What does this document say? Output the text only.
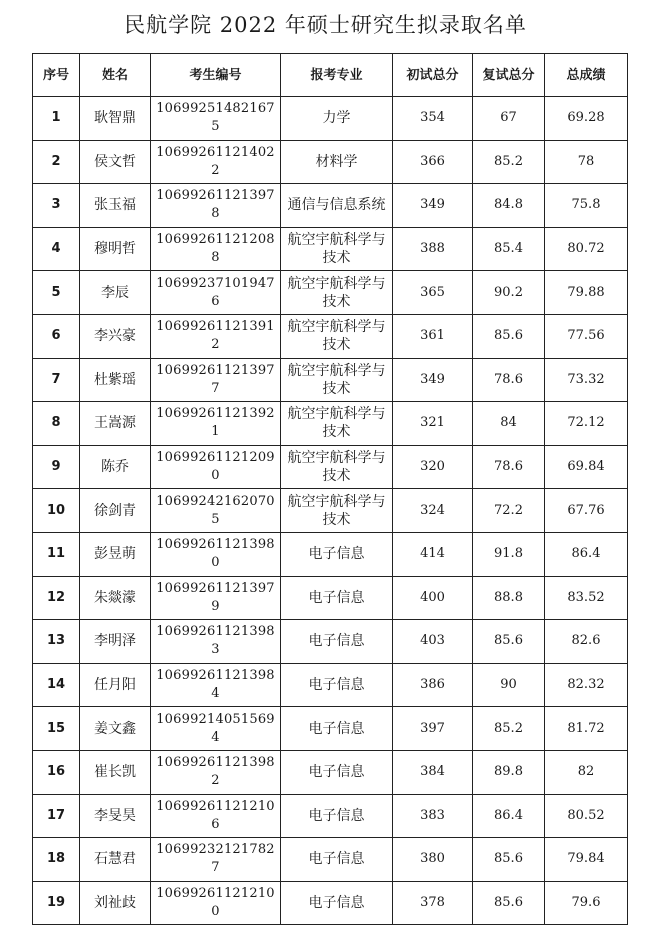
民航学院 2022 年硕士研究生拟录取名单
序号	姓名	考生编号	报考专业	初试总分	复试总分	总成绩
1	耿智鼎	106992514821675	力学	354	67	69.28
2	侯文哲	106992611214022	材料学	366	85.2	78
3	张玉福	106992611213978	通信与信息系统	349	84.8	75.8
4	穆明哲	106992611212088	航空宇航科学与技术	388	85.4	80.72
5	李辰	106992371019476	航空宇航科学与技术	365	90.2	79.88
6	李兴豪	106992611213912	航空宇航科学与技术	361	85.6	77.56
7	杜紫瑶	106992611213977	航空宇航科学与技术	349	78.6	73.32
8	王嵩源	106992611213921	航空宇航科学与技术	321	84	72.12
9	陈乔	106992611212090	航空宇航科学与技术	320	78.6	69.84
10	徐剑青	106992421620705	航空宇航科学与技术	324	72.2	67.76
11	彭昱萌	106992611213980	电子信息	414	91.8	86.4
12	朱燚濛	106992611213979	电子信息	400	88.8	83.52
13	李明泽	106992611213983	电子信息	403	85.6	82.6
14	任月阳	106992611213984	电子信息	386	90	82.32
15	姜文鑫	106992140515694	电子信息	397	85.2	81.72
16	崔长凯	106992611213982	电子信息	384	89.8	82
17	李旻昊	106992611212106	电子信息	383	86.4	80.52
18	石慧君	106992321217827	电子信息	380	85.6	79.84
19	刘祉歧	106992611212100	电子信息	378	85.6	79.6
